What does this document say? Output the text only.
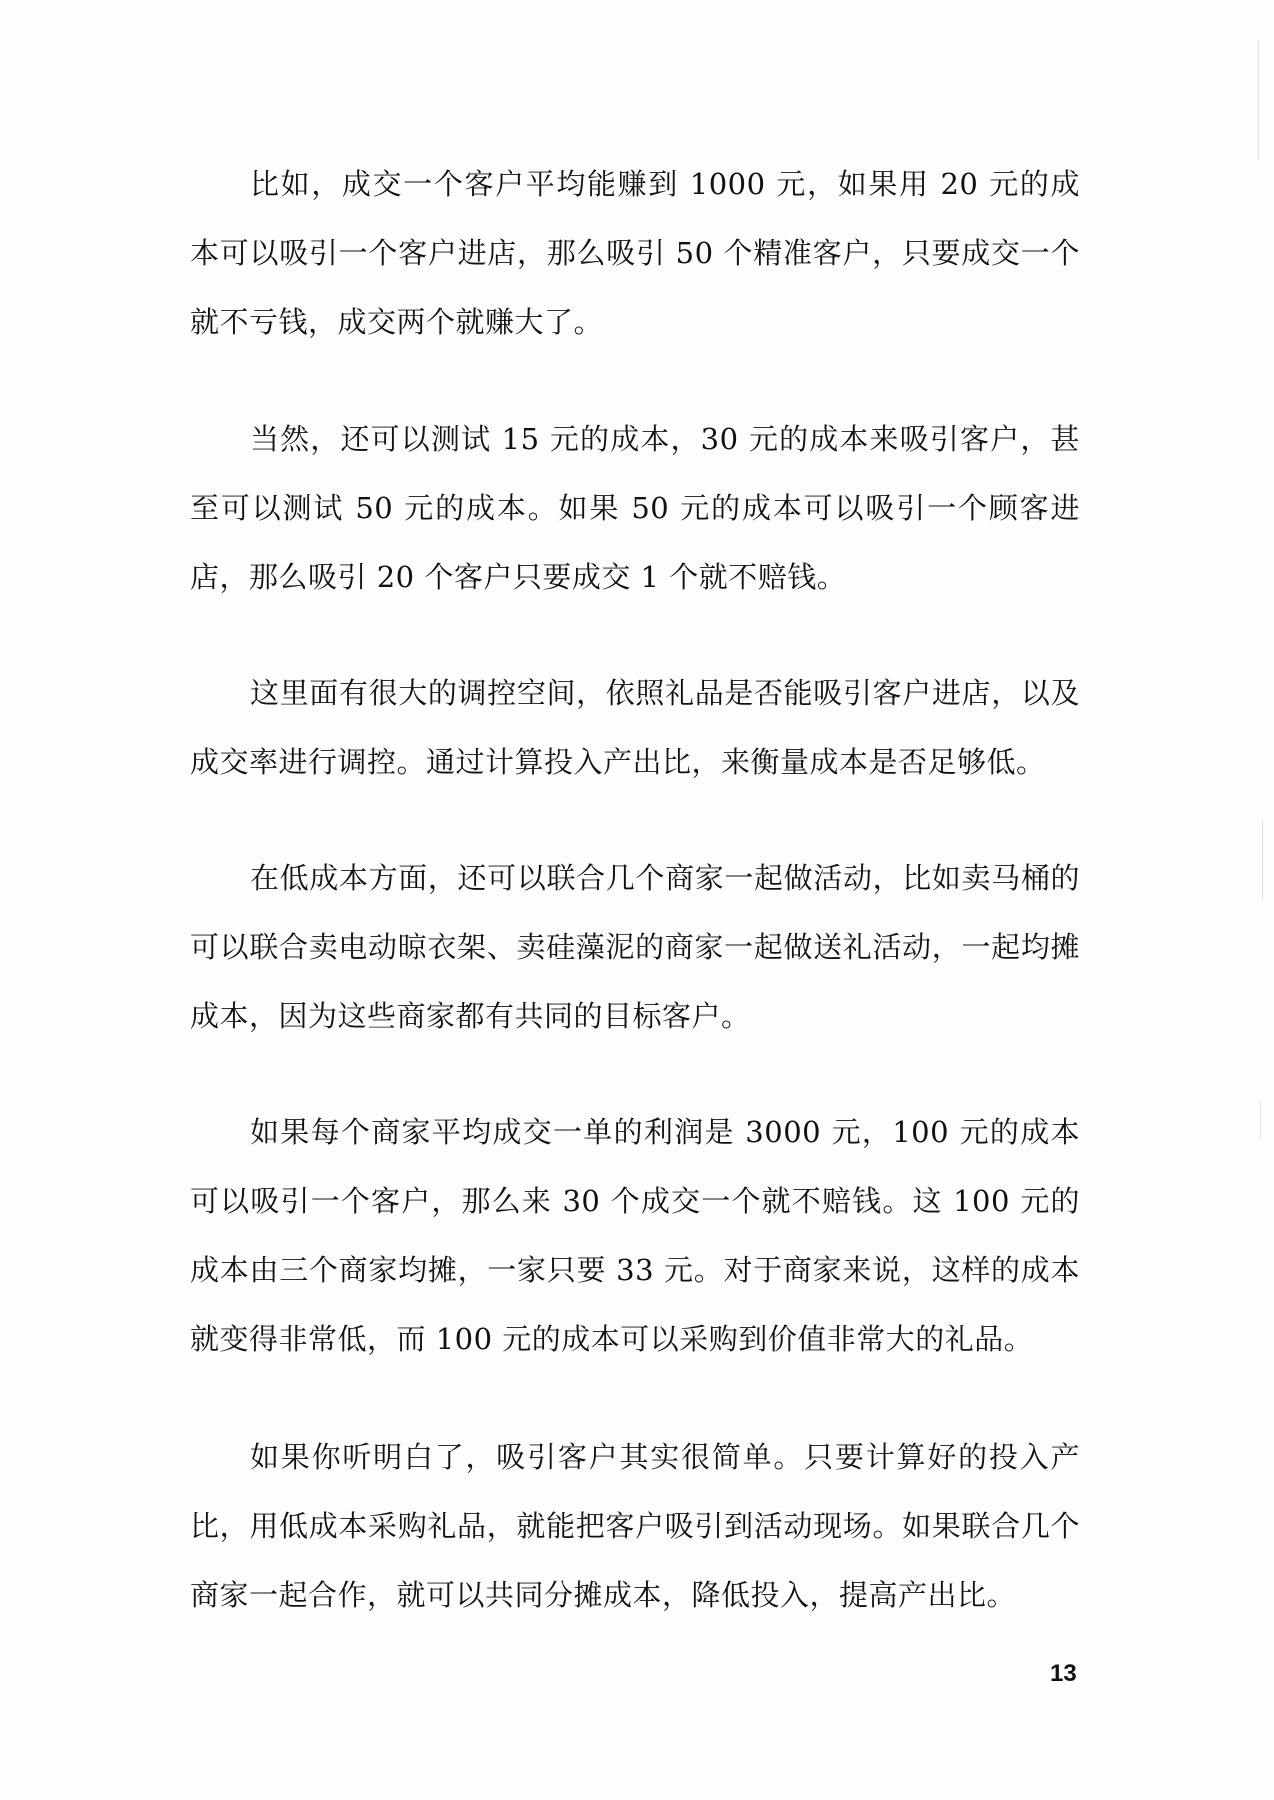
比如，成交一个客户平均能赚到 1000 元，如果用 20 元的成本可以吸引一个客户进店，那么吸引 50 个精准客户，只要成交一个就不亏钱，成交两个就赚大了。

当然，还可以测试 15 元的成本，30 元的成本来吸引客户，甚至可以测试 50 元的成本。如果 50 元的成本可以吸引一个顾客进店，那么吸引 20 个客户只要成交 1 个就不赔钱。

这里面有很大的调控空间，依照礼品是否能吸引客户进店，以及成交率进行调控。通过计算投入产出比，来衡量成本是否足够低。

在低成本方面，还可以联合几个商家一起做活动，比如卖马桶的可以联合卖电动晾衣架、卖硅藻泥的商家一起做送礼活动，一起均摊成本，因为这些商家都有共同的目标客户。

如果每个商家平均成交一单的利润是 3000 元，100 元的成本可以吸引一个客户，那么来 30 个成交一个就不赔钱。这 100 元的成本由三个商家均摊，一家只要 33 元。对于商家来说，这样的成本就变得非常低，而 100 元的成本可以采购到价值非常大的礼品。

如果你听明白了，吸引客户其实很简单。只要计算好的投入产比，用低成本采购礼品，就能把客户吸引到活动现场。如果联合几个商家一起合作，就可以共同分摊成本，降低投入，提高产出比。

13
